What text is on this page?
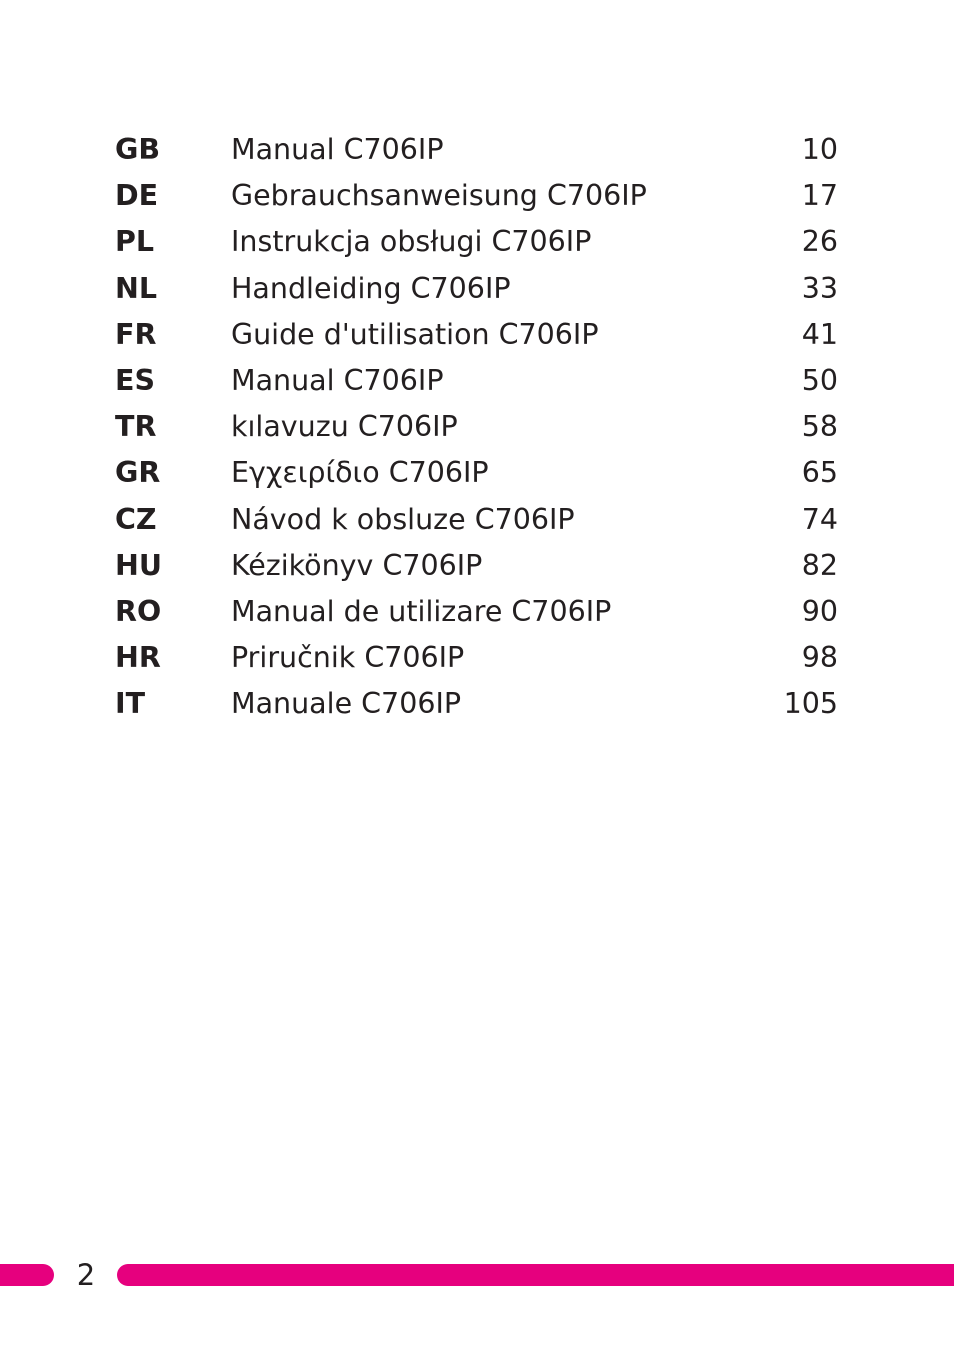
GB Manual C706IP	10
DE	Gebrauchsanweisung C706IP	17
PL	Instrukcja obsługi C706IP	26
NL	Handleiding C706IP	33
FR	Guide d'utilisation C706IP	41
ES	Manual C706IP	50
TR	kılavuzu C706IP	58
GR Εγχειρίδιο C706IP	65
CZ	Návod k obsluze C706IP	74
HU Kézikönyv C706IP	82
RO Manual de utilizare C706IP	90
HR Priručnik C706IP	98
IT	Manuale C706IP	105
2
